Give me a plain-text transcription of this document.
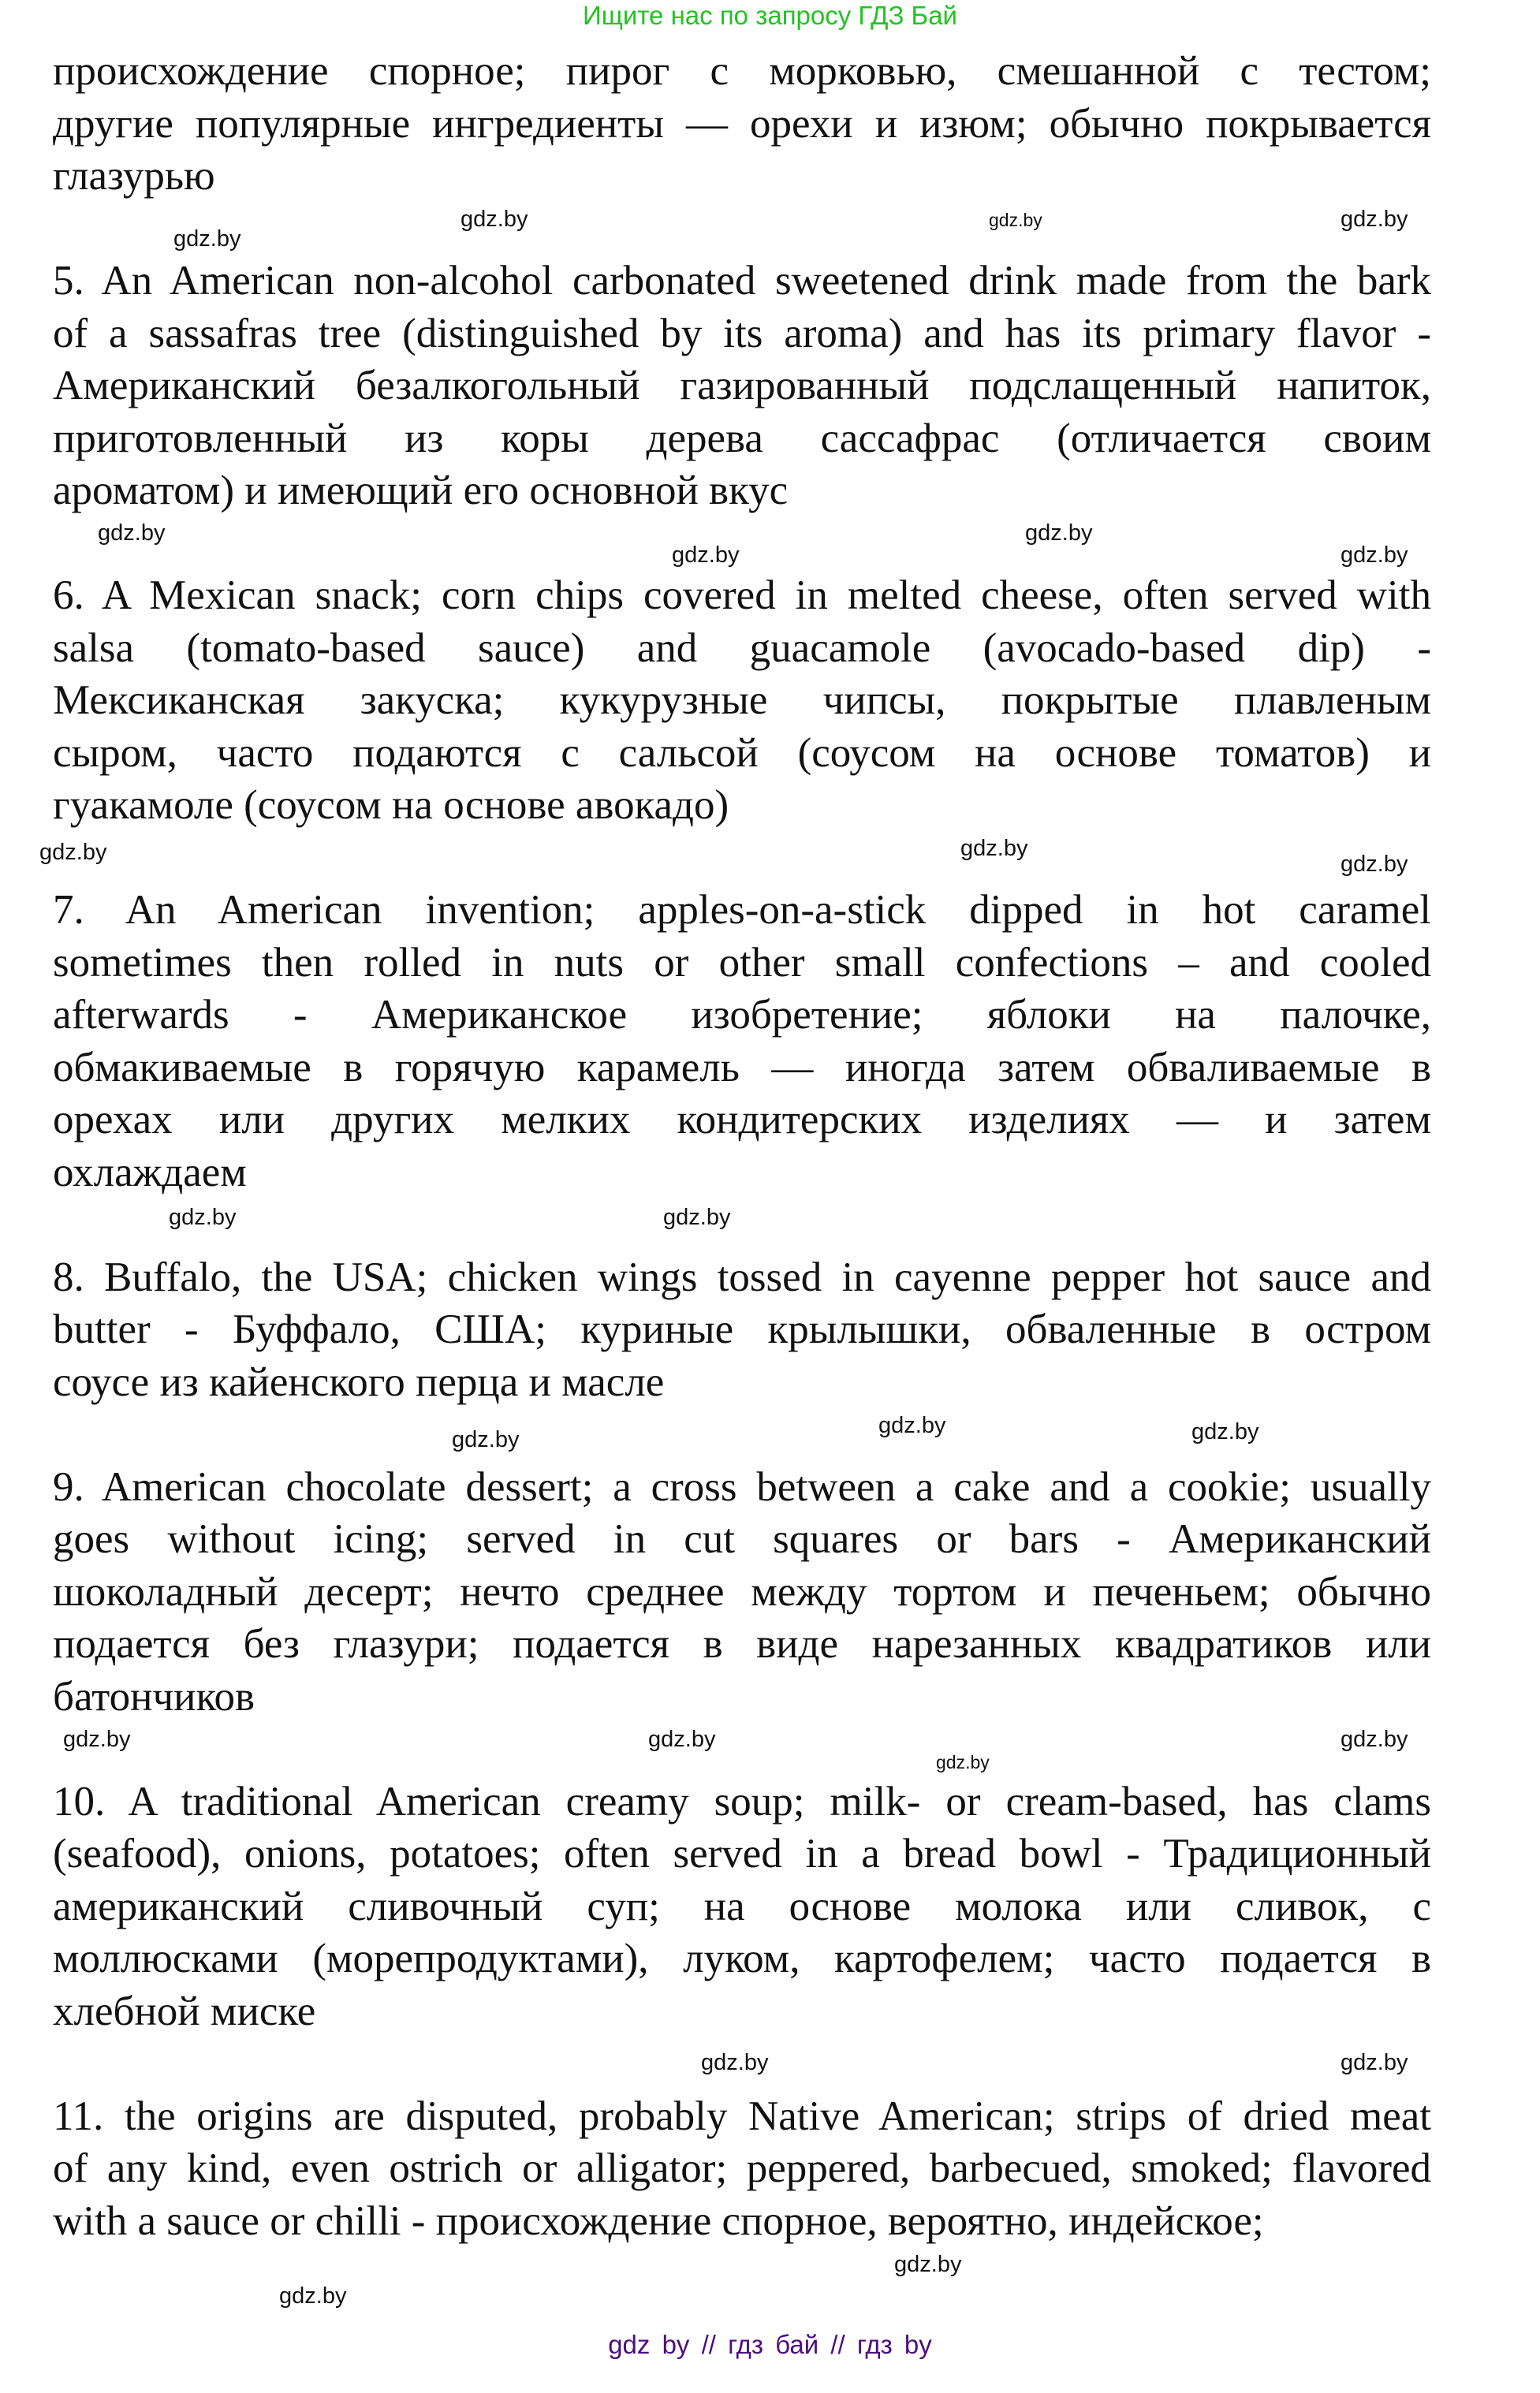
Ищите нас по запросу ГДЗ Бай
происхождение спорное; пирог с морковью, смешанной с тестом;
другие популярные ингредиенты — орехи и изюм; обычно покрывается
глазурью
5. An American non-alcohol carbonated sweetened drink made from the bark
of a sassafras tree (distinguished by its aroma) and has its primary flavor -
Американский безалкогольный газированный подслащенный напиток,
приготовленный из коры дерева сассафрас (отличается своим
ароматом) и имеющий его основной вкус
6. A Mexican snack; corn chips covered in melted cheese, often served with
salsa (tomato-based sauce) and guacamole (avocado-based dip) -
Мексиканская закуска; кукурузные чипсы, покрытые плавленым
сыром, часто подаются с сальсой (соусом на основе томатов) и
гуакамоле (соусом на основе авокадо)
7. An American invention; apples-on-a-stick dipped in hot caramel
sometimes then rolled in nuts or other small confections – and cooled
afterwards - Американское изобретение; яблоки на палочке,
обмакиваемые в горячую карамель — иногда затем обваливаемые в
орехах или других мелких кондитерских изделиях — и затем
охлаждаем
8. Buffalo, the USA; chicken wings tossed in cayenne pepper hot sauce and
butter - Буффало, США; куриные крылышки, обваленные в остром
соусе из кайенского перца и масле
9. American chocolate dessert; a cross between a cake and a cookie; usually
goes without icing; served in cut squares or bars - Американский
шоколадный десерт; нечто среднее между тортом и печеньем; обычно
подается без глазури; подается в виде нарезанных квадратиков или
батончиков
10. A traditional American creamy soup; milk- or cream-based, has clams
(seafood), onions, potatoes; often served in a bread bowl - Традиционный
американский сливочный суп; на основе молока или сливок, с
моллюсками (морепродуктами), луком, картофелем; часто подается в
хлебной миске
11. the origins are disputed, probably Native American; strips of dried meat
of any kind, even ostrich or alligator; peppered, barbecued, smoked; flavored
with a sauce or chilli - происхождение спорное, вероятно, индейское;
gdz.by	gdz.by
gdz.by
gdz.by
gdz.by
gdz.by
gdz.by	gdz.by
gdz.by
gdz.by	gdz.by
gdz.by
gdz.by
gdz.by	gdz.by
gdz.by
gdz.by
gdz.by
gdz.by
gdz.by
gdz.by
gdz.by
gdz.by
gdz.by
gdz by // гдз бай // гдз by
